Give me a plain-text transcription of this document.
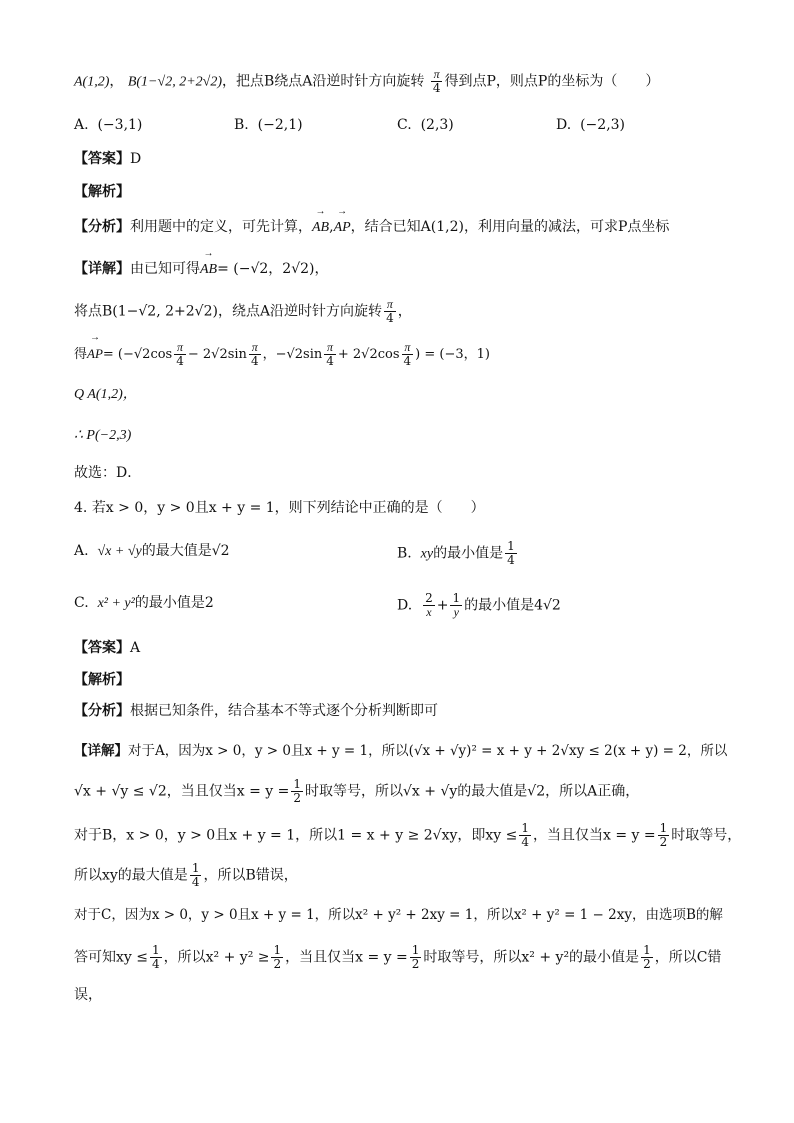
A(1,2)， B(1−√2, 2+2√2)，把点B绕点A沿逆时针方向旋转 $\frac{\pi}{4}$ 得到点P，则点P的坐标为（　　）
A. (−3,1)	B. (−2,1)	C. (2,3)	D. (−2,3)
【答案】D
【解析】
【分析】利用题中的定义，可先计算，→ AB,→ AP，结合已知A(1,2)，利用向量的减法，可求P点坐标
【详解】由已知可得→ AB= (−√2，2√2)，
将点B(1−√2, 2+2√2)，绕点A沿逆时针方向旋转 $\frac{\pi}{4}$ ，
得→ $AP= (-√2\cos \frac{\pi}{4} - 2√2\sin \frac{\pi}{4}$ ，$-√2\sin \frac{\pi}{4} + 2√2\cos \frac{\pi}{4}$ ) = (−3，1)
Q A(1,2)，
∴ P(−2,3)
故选：D．
4. 若x > 0，y > 0且x + y = 1，则下列结论中正确的是（　　）
A. √x + √y的最大值是√2	B. xy的最小值是 $\frac{1}{4}$
C. x² + y²的最小值是2	D. $\frac{2}{x} + \frac{1}{y}$ 的最小值是4√2
【答案】A
【解析】
【分析】根据已知条件，结合基本不等式逐个分析判断即可
【详解】对于A，因为x > 0，y > 0且x + y = 1，所以(√x + √y)² = x + y + 2√xy ≤ 2(x + y) = 2，所以
√x + √y ≤ √2，当且仅当$x = y = \frac{1}{2}$ 时取等号，所以√x + √y的最大值是√2，所以A正确，
对于B，x > 0，y > 0且x + y = 1，所以1 = x + y ≥ 2√xy，即xy ≤ $\frac{1}{4}$ ，当且仅当$x = y = \frac{1}{2}$ 时取等号，
所以xy的最大值是 $\frac{1}{4}$ ，所以B错误，
对于C，因为x > 0，y > 0且x + y = 1，所以x² + y² + 2xy = 1，所以x² + y² = 1 − 2xy，由选项B的解
答可知xy ≤ $\frac{1}{4}$ ，所以$x^2 + y^2 \ge \frac{1}{2}$ ，当且仅当$x = y = \frac{1}{2}$ 时取等号，所以x² + y²的最小值是 $\frac{1}{2}$ ，所以C错
误，
